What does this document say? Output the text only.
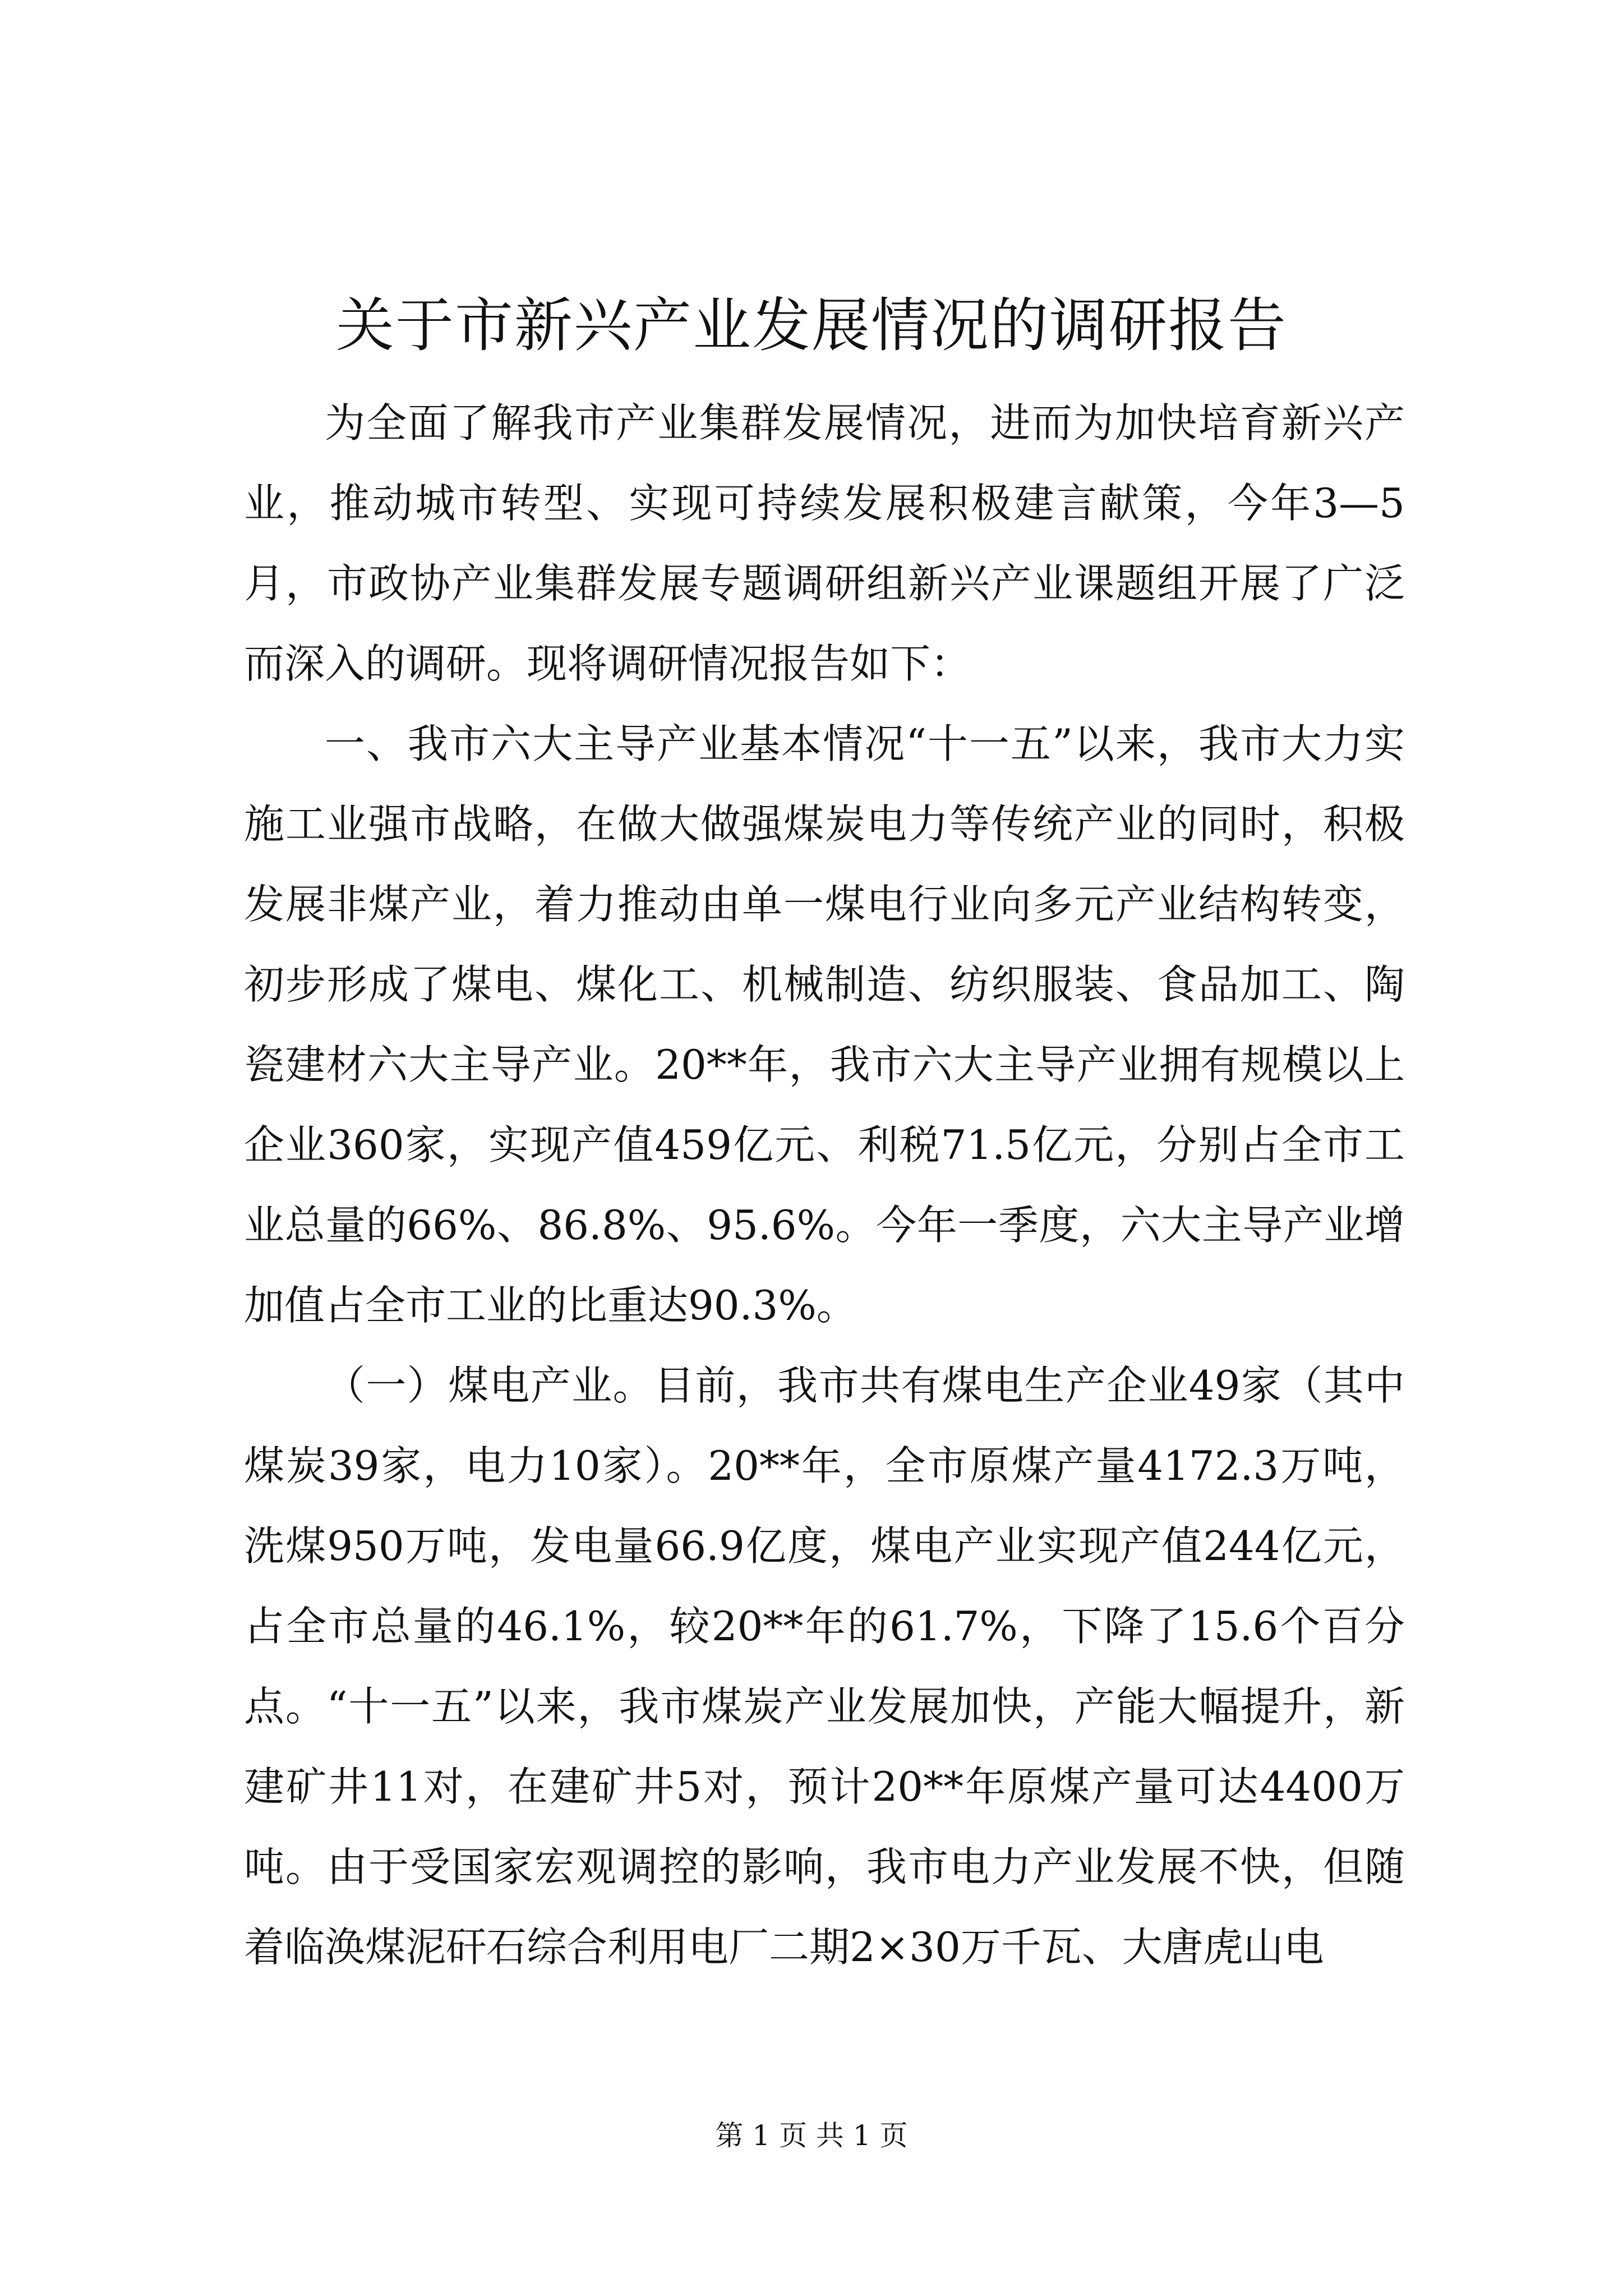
关于市新兴产业发展情况的调研报告

为全面了解我市产业集群发展情况，进而为加快培育新兴产业，推动城市转型、实现可持续发展积极建言献策，今年3—5月，市政协产业集群发展专题调研组新兴产业课题组开展了广泛而深入的调研。现将调研情况报告如下：

一、我市六大主导产业基本情况“十一五”以来，我市大力实施工业强市战略，在做大做强煤炭电力等传统产业的同时，积极发展非煤产业，着力推动由单一煤电行业向多元产业结构转变，初步形成了煤电、煤化工、机械制造、纺织服装、食品加工、陶瓷建材六大主导产业。20**年，我市六大主导产业拥有规模以上企业360家，实现产值459亿元、利税71.5亿元，分别占全市工业总量的66%、86.8%、95.6%。今年一季度，六大主导产业增加值占全市工业的比重达90.3%。

（一）煤电产业。目前，我市共有煤电生产企业49家（其中煤炭39家，电力10家）。20**年，全市原煤产量4172.3万吨，洗煤950万吨，发电量66.9亿度，煤电产业实现产值244亿元，占全市总量的46.1%，较20**年的61.7%，下降了15.6个百分点。“十一五”以来，我市煤炭产业发展加快，产能大幅提升，新建矿井11对，在建矿井5对，预计20**年原煤产量可达4400万吨。由于受国家宏观调控的影响，我市电力产业发展不快，但随着临涣煤泥矸石综合利用电厂二期2×30万千瓦、大唐虎山电

第 1 页 共 1 页
